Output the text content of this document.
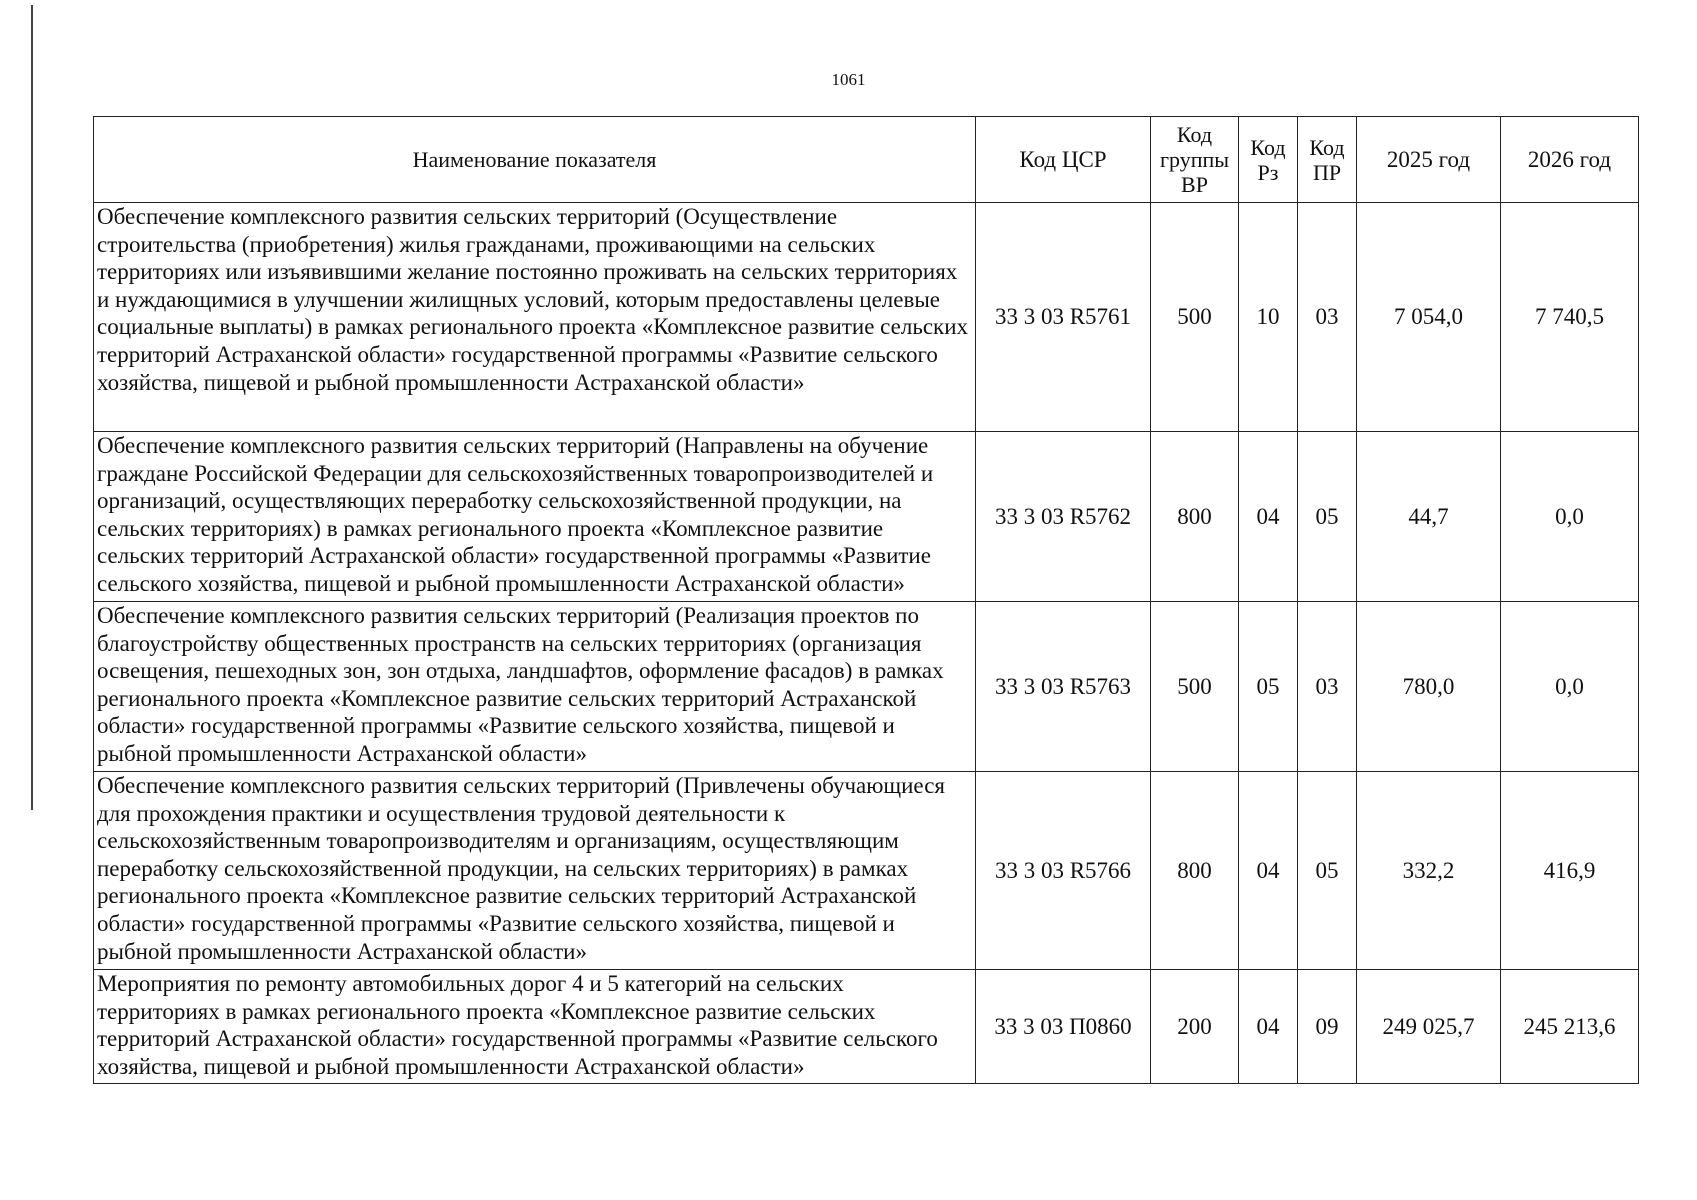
1061
Наименование показателя	Код ЦСР	Код группы ВР	Код Рз	Код ПР	2025 год	2026 год
Обеспечение комплексного развития сельских территорий (Осуществление строительства (приобретения) жилья гражданами, проживающими на сельских территориях или изъявившими желание постоянно проживать на сельских территориях и нуждающимися в улучшении жилищных условий, которым предоставлены целевые социальные выплаты) в рамках регионального проекта «Комплексное развитие сельских территорий Астраханской области» государственной программы «Развитие сельского хозяйства, пищевой и рыбной промышленности Астраханской области»	33 3 03 R5761	500	10	03	7 054,0	7 740,5
Обеспечение комплексного развития сельских территорий (Направлены на обучение граждане Российской Федерации для сельскохозяйственных товаропроизводителей и организаций, осуществляющих переработку сельскохозяйственной продукции, на сельских территориях) в рамках регионального проекта «Комплексное развитие сельских территорий Астраханской области» государственной программы «Развитие сельского хозяйства, пищевой и рыбной промышленности Астраханской области»	33 3 03 R5762	800	04	05	44,7	0,0
Обеспечение комплексного развития сельских территорий (Реализация проектов по благоустройству общественных пространств на сельских территориях (организация освещения, пешеходных зон, зон отдыха, ландшафтов, оформление фасадов) в рамках регионального проекта «Комплексное развитие сельских территорий Астраханской области» государственной программы «Развитие сельского хозяйства, пищевой и рыбной промышленности Астраханской области»	33 3 03 R5763	500	05	03	780,0	0,0
Обеспечение комплексного развития сельских территорий (Привлечены обучающиеся для прохождения практики и осуществления трудовой деятельности к сельскохозяйственным товаропроизводителям и организациям, осуществляющим переработку сельскохозяйственной продукции, на сельских территориях) в рамках регионального проекта «Комплексное развитие сельских территорий Астраханской области» государственной программы «Развитие сельского хозяйства, пищевой и рыбной промышленности Астраханской области»	33 3 03 R5766	800	04	05	332,2	416,9
Мероприятия по ремонту автомобильных дорог 4 и 5 категорий на сельских территориях в рамках регионального проекта «Комплексное развитие сельских территорий Астраханской области» государственной программы «Развитие сельского хозяйства, пищевой и рыбной промышленности Астраханской области»	33 3 03 П0860	200	04	09	249 025,7	245 213,6
